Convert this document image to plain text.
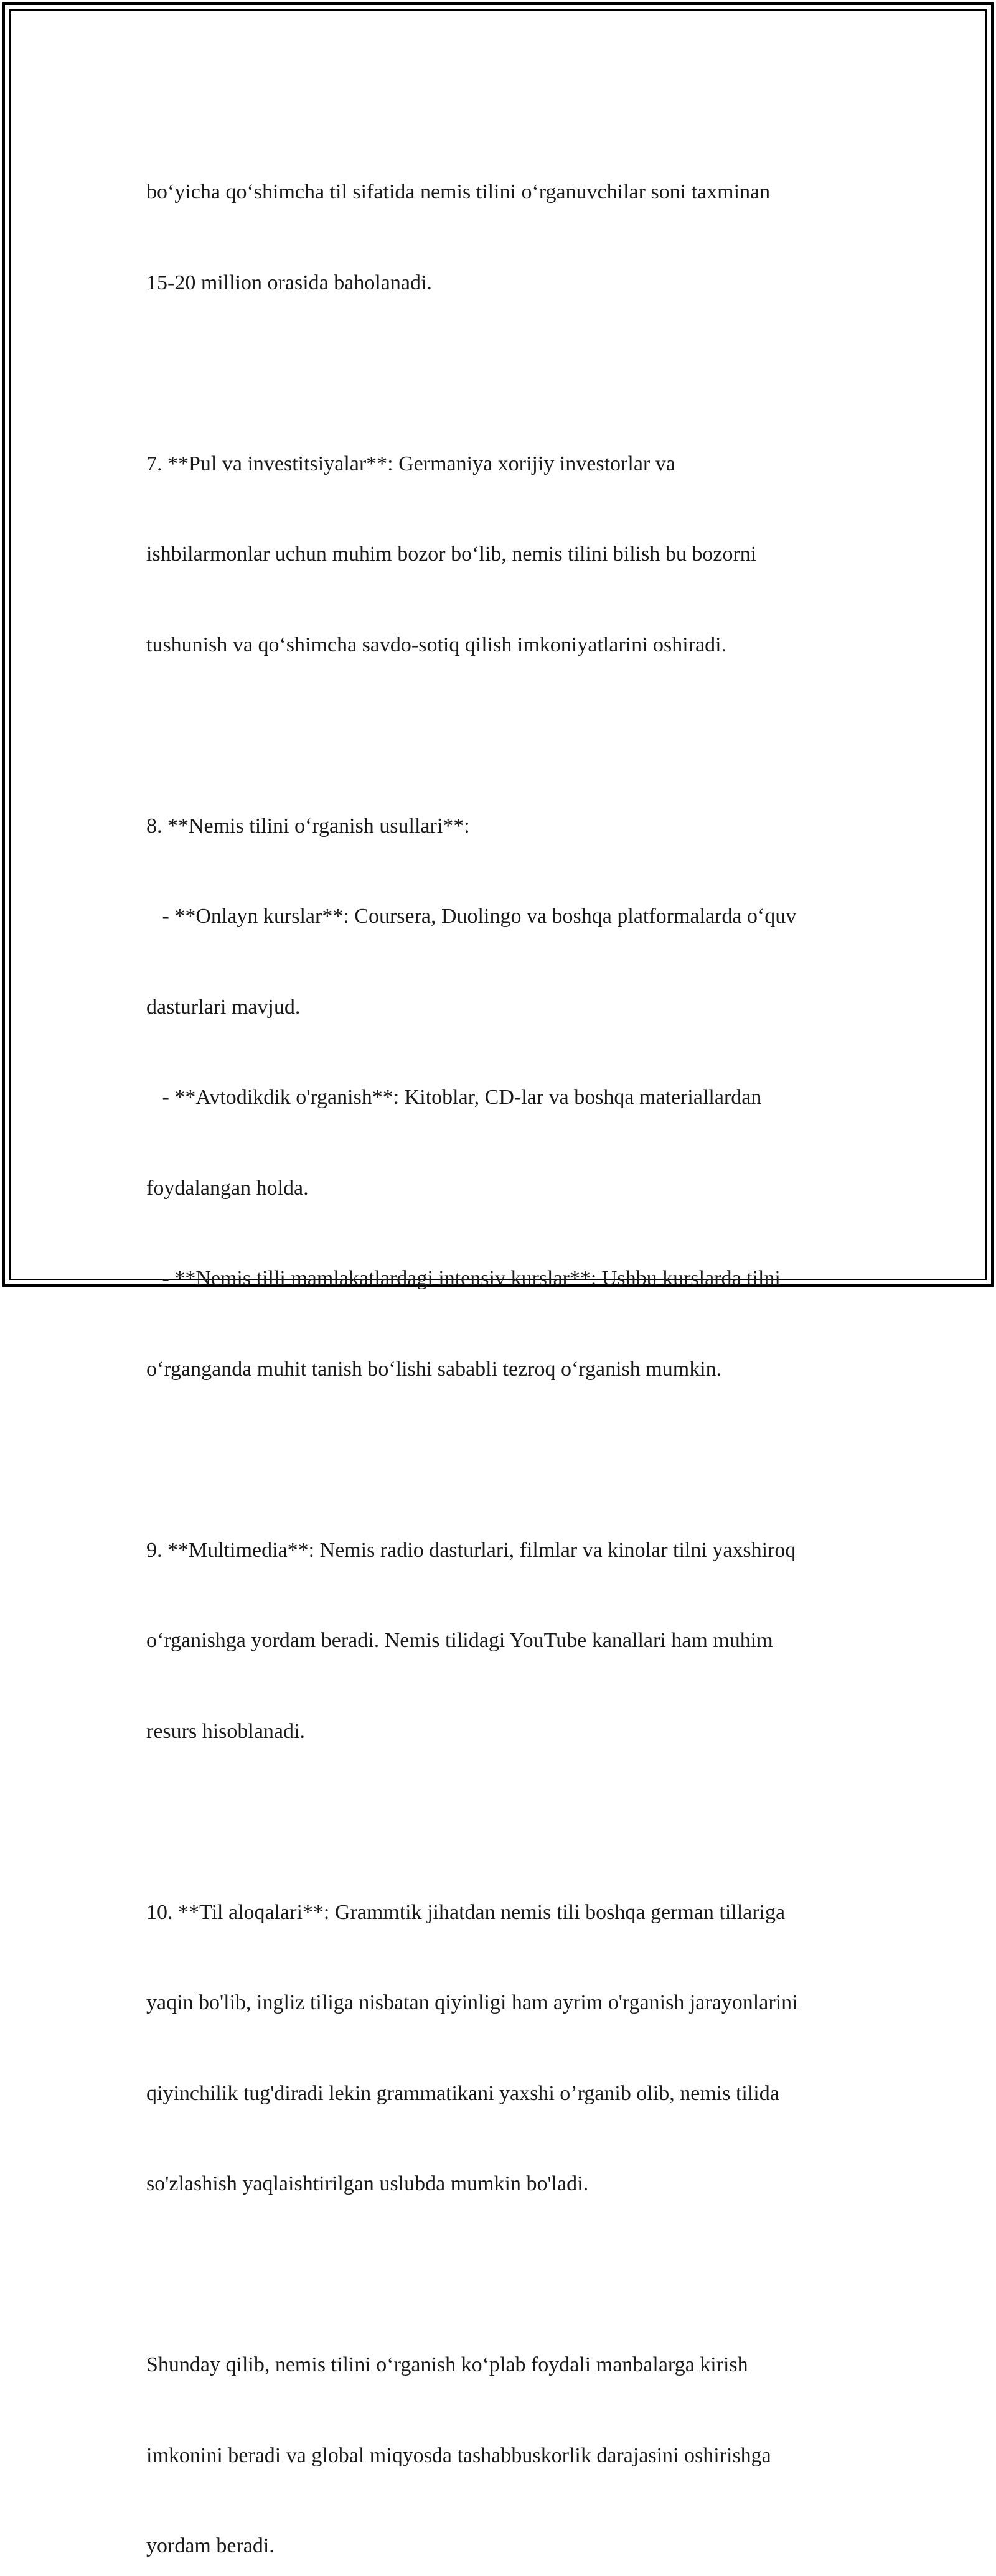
bo‘yicha qo‘shimcha til sifatida nemis tilini o‘rganuvchilar soni taxminan

15-20 million orasida baholanadi.

7. **Pul va investitsiyalar**: Germaniya xorijiy investorlar va

ishbilarmonlar uchun muhim bozor bo‘lib, nemis tilini bilish bu bozorni

tushunish va qo‘shimcha savdo-sotiq qilish imkoniyatlarini oshiradi.

8. **Nemis tilini o‘rganish usullari**:

- **Onlayn kurslar**: Coursera, Duolingo va boshqa platformalarda o‘quv

dasturlari mavjud.

- **Avtodikdik o'rganish**: Kitoblar, CD-lar va boshqa materiallardan

foydalangan holda.

- **Nemis tilli mamlakatlardagi intensiv kurslar**: Ushbu kurslarda tilni

o‘rganganda muhit tanish bo‘lishi sababli tezroq o‘rganish mumkin.

9. **Multimedia**: Nemis radio dasturlari, filmlar va kinolar tilni yaxshiroq

o‘rganishga yordam beradi. Nemis tilidagi YouTube kanallari ham muhim

resurs hisoblanadi.

10. **Til aloqalari**: Grammtik jihatdan nemis tili boshqa german tillariga

yaqin bo'lib, ingliz tiliga nisbatan qiyinligi ham ayrim o'rganish jarayonlarini

qiyinchilik tug'diradi lekin grammatikani yaxshi o’rganib olib, nemis tilida

so'zlashish yaqlaishtirilgan uslubda mumkin bo'ladi.

Shunday qilib, nemis tilini o‘rganish ko‘plab foydali manbalarga kirish

imkonini beradi va global miqyosda tashabbuskorlik darajasini oshirishga

yordam beradi.
